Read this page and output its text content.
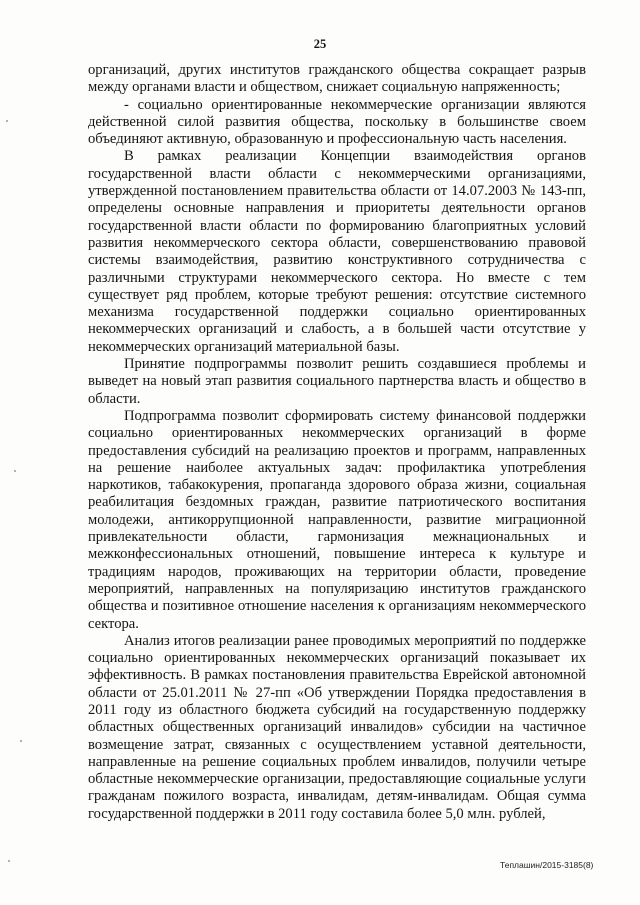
25

организаций, других институтов гражданского общества сокращает разрыв между органами власти и обществом, снижает социальную напряженность;

- социально ориентированные некоммерческие организации являются действенной силой развития общества, поскольку в большинстве своем объединяют активную, образованную и профессиональную часть населения.

В рамках реализации Концепции взаимодействия органов государственной власти области с некоммерческими организациями, утвержденной постановлением правительства области от 14.07.2003 № 143-пп, определены основные направления и приоритеты деятельности органов государственной власти области по формированию благоприятных условий развития некоммерческого сектора области, совершенствованию правовой системы взаимодействия, развитию конструктивного сотрудничества с различными структурами некоммерческого сектора. Но вместе с тем существует ряд проблем, которые требуют решения: отсутствие системного механизма государственной поддержки социально ориентированных некоммерческих организаций и слабость, а в большей части отсутствие у некоммерческих организаций материальной базы.

Принятие подпрограммы позволит решить создавшиеся проблемы и выведет на новый этап развития социального партнерства власть и общество в области.

Подпрограмма позволит сформировать систему финансовой поддержки социально ориентированных некоммерческих организаций в форме предоставления субсидий на реализацию проектов и программ, направленных на решение наиболее актуальных задач: профилактика употребления наркотиков, табакокурения, пропаганда здорового образа жизни, социальная реабилитация бездомных граждан, развитие патриотического воспитания молодежи, антикоррупционной направленности, развитие миграционной привлекательности области, гармонизация межнациональных и межконфессиональных отношений, повышение интереса к культуре и традициям народов, проживающих на территории области, проведение мероприятий, направленных на популяризацию институтов гражданского общества и позитивное отношение населения к организациям некоммерческого сектора.

Анализ итогов реализации ранее проводимых мероприятий по поддержке социально ориентированных некоммерческих организаций показывает их эффективность. В рамках постановления правительства Еврейской автономной области от 25.01.2011 № 27-пп «Об утверждении Порядка предоставления в 2011 году из областного бюджета субсидий на государственную поддержку областных общественных организаций инвалидов» субсидии на частичное возмещение затрат, связанных с осуществлением уставной деятельности, направленные на решение социальных проблем инвалидов, получили четыре областные некоммерческие организации, предоставляющие социальные услуги гражданам пожилого возраста, инвалидам, детям-инвалидам. Общая сумма государственной поддержки в 2011 году составила более 5,0 млн. рублей,

Теплашин/2015-3185(8)
